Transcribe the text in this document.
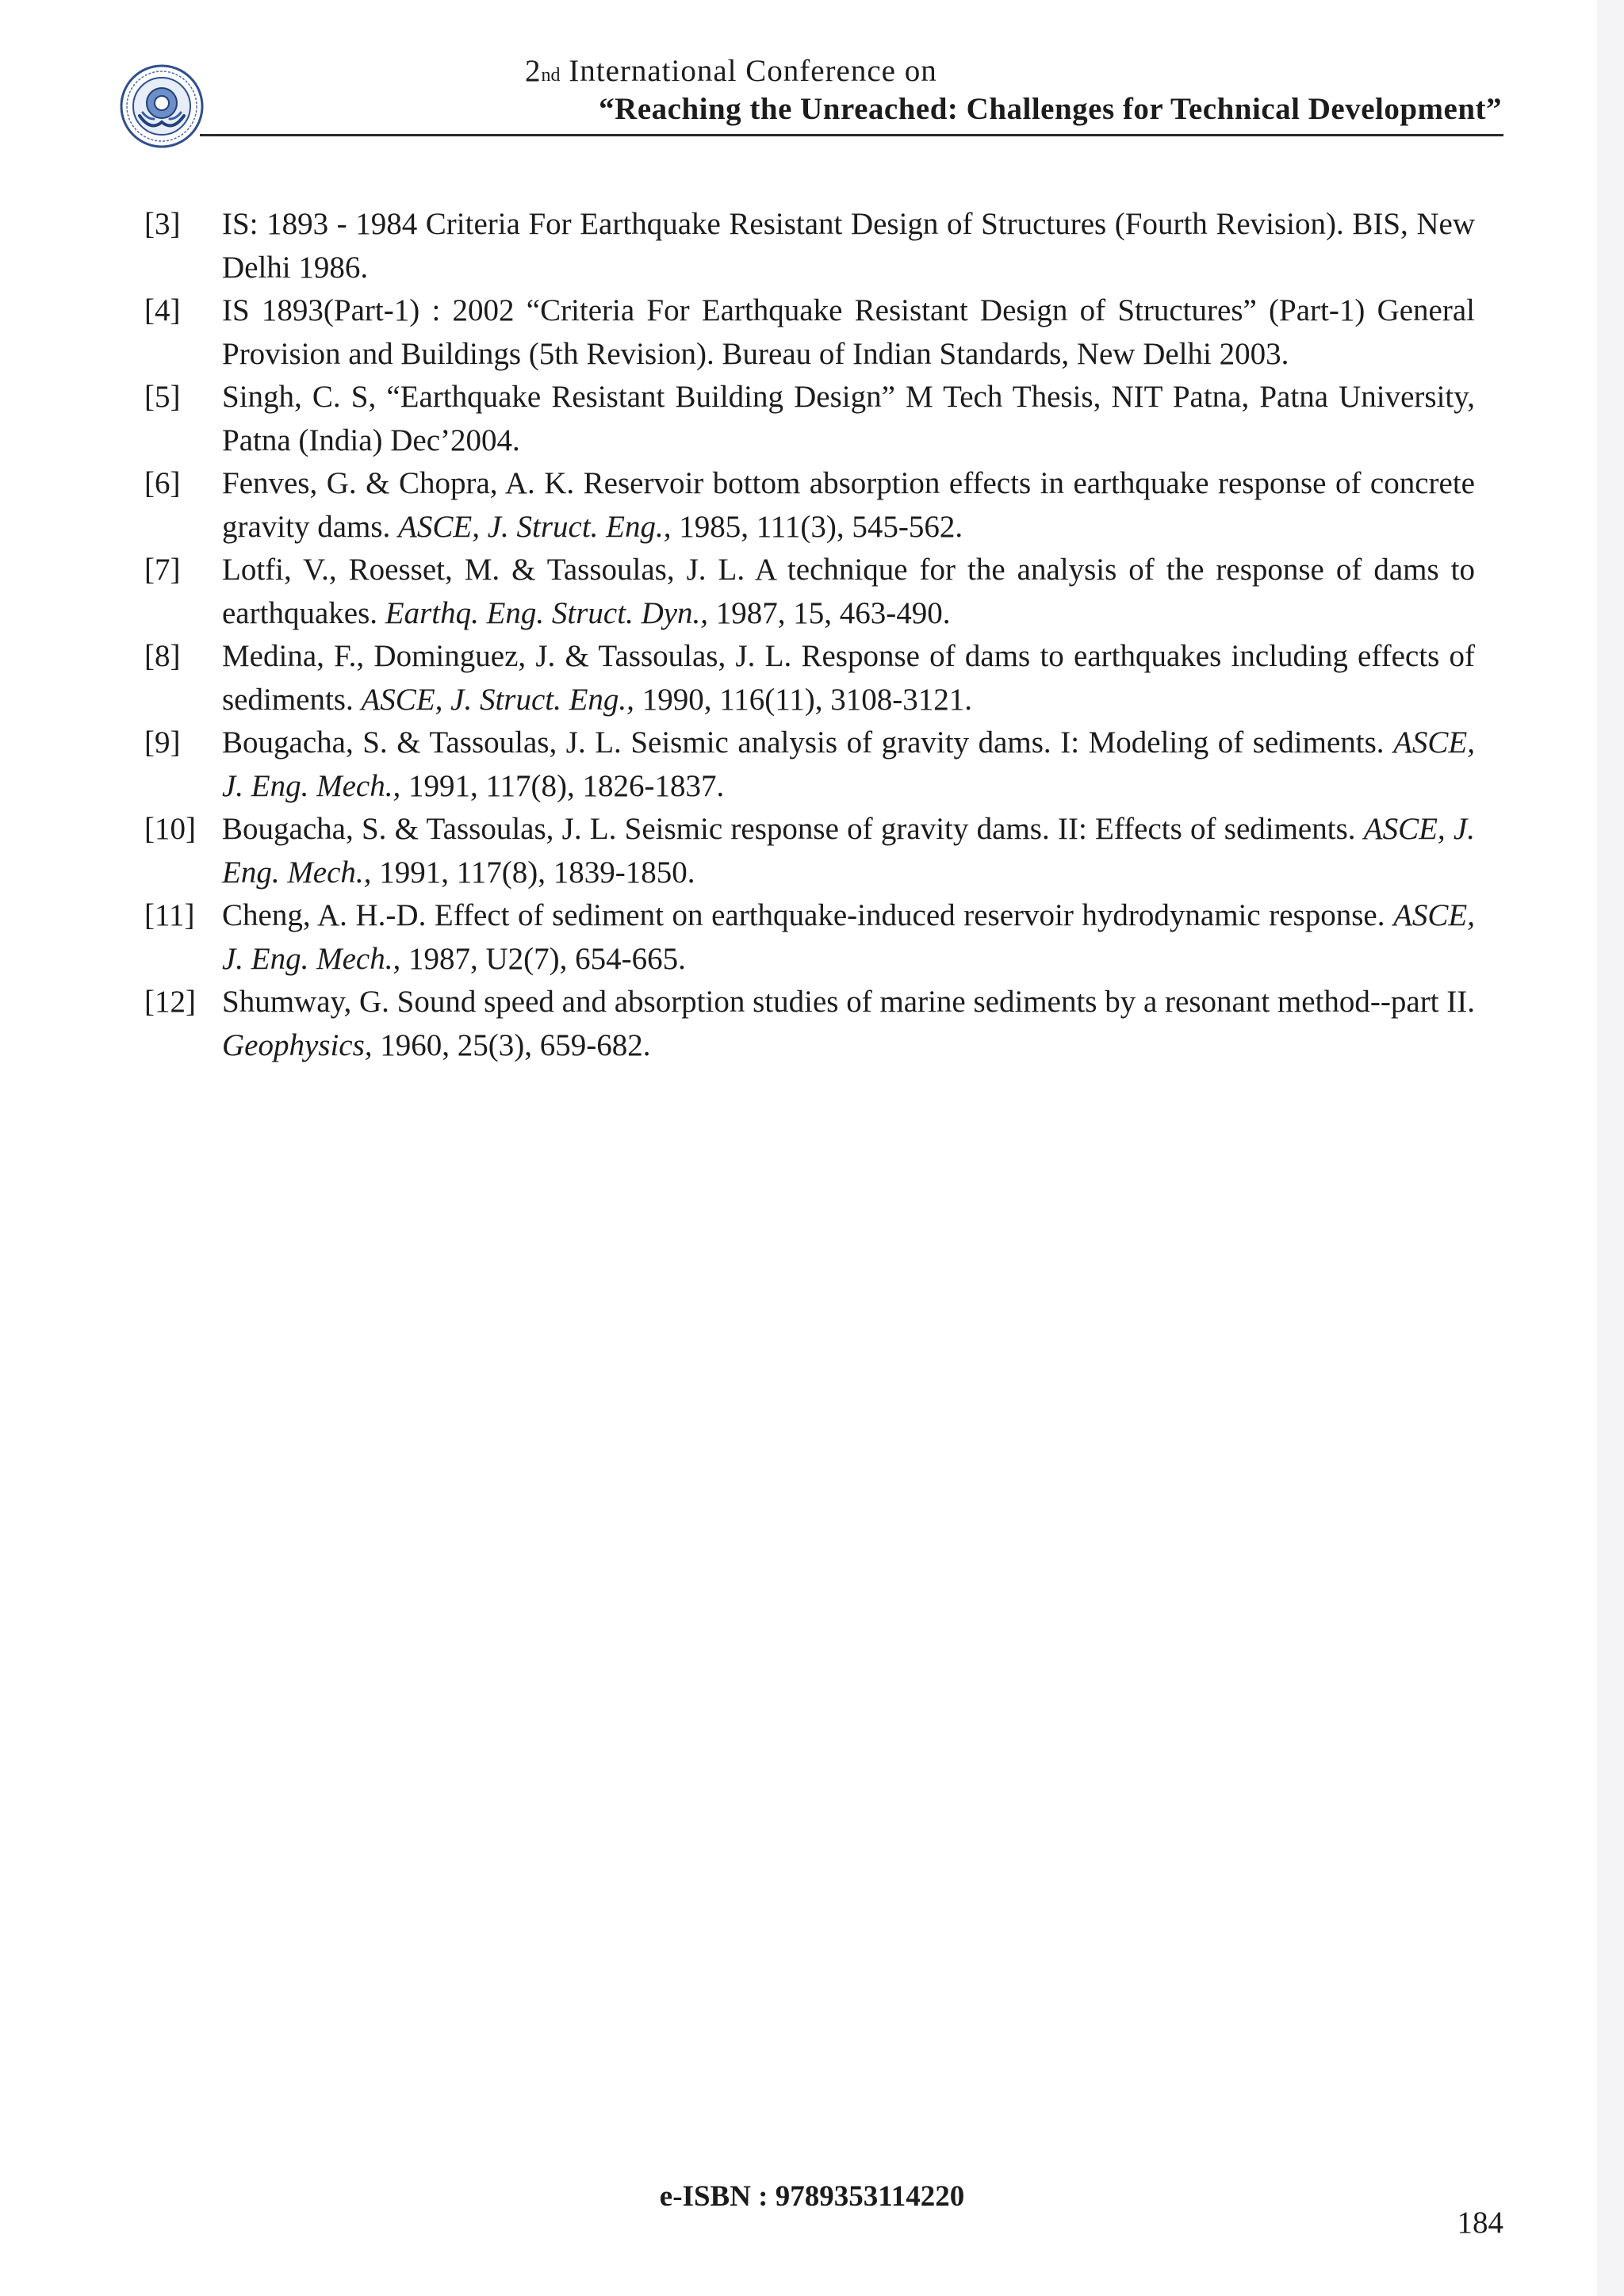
2nd International Conference on
“Reaching the Unreached: Challenges for Technical Development”
[3]	IS: 1893 - 1984 Criteria For Earthquake Resistant Design of Structures (Fourth Revision). BIS, New Delhi 1986.
[4]	IS 1893(Part-1) : 2002 “Criteria For Earthquake Resistant Design of Structures” (Part-1) General Provision and Buildings (5th Revision). Bureau of Indian Standards, New Delhi 2003.
[5]	Singh, C. S, “Earthquake Resistant Building Design” M Tech Thesis, NIT Patna, Patna University, Patna (India) Dec’2004.
[6]	Fenves, G. & Chopra, A. K. Reservoir bottom absorption effects in earthquake response of concrete gravity dams. ASCE, J. Struct. Eng., 1985, 111(3), 545-562.
[7]	Lotfi, V., Roesset, M. & Tassoulas, J. L. A technique for the analysis of the response of dams to earthquakes. Earthq. Eng. Struct. Dyn., 1987, 15, 463-490.
[8]	Medina, F., Dominguez, J. & Tassoulas, J. L. Response of dams to earthquakes including effects of sediments. ASCE, J. Struct. Eng., 1990, 116(11), 3108-3121.
[9]	Bougacha, S. & Tassoulas, J. L. Seismic analysis of gravity dams. I: Modeling of sediments. ASCE, J. Eng. Mech., 1991, 117(8), 1826-1837.
[10] Bougacha, S. & Tassoulas, J. L. Seismic response of gravity dams. II: Effects of sediments. ASCE, J. Eng. Mech., 1991, 117(8), 1839-1850.
[11] Cheng, A. H.-D. Effect of sediment on earthquake-induced reservoir hydrodynamic response. ASCE, J. Eng. Mech., 1987, U2(7), 654-665.
[12] Shumway, G. Sound speed and absorption studies of marine sediments by a resonant method--part II. Geophysics, 1960, 25(3), 659-682.
e-ISBN : 9789353114220
184
